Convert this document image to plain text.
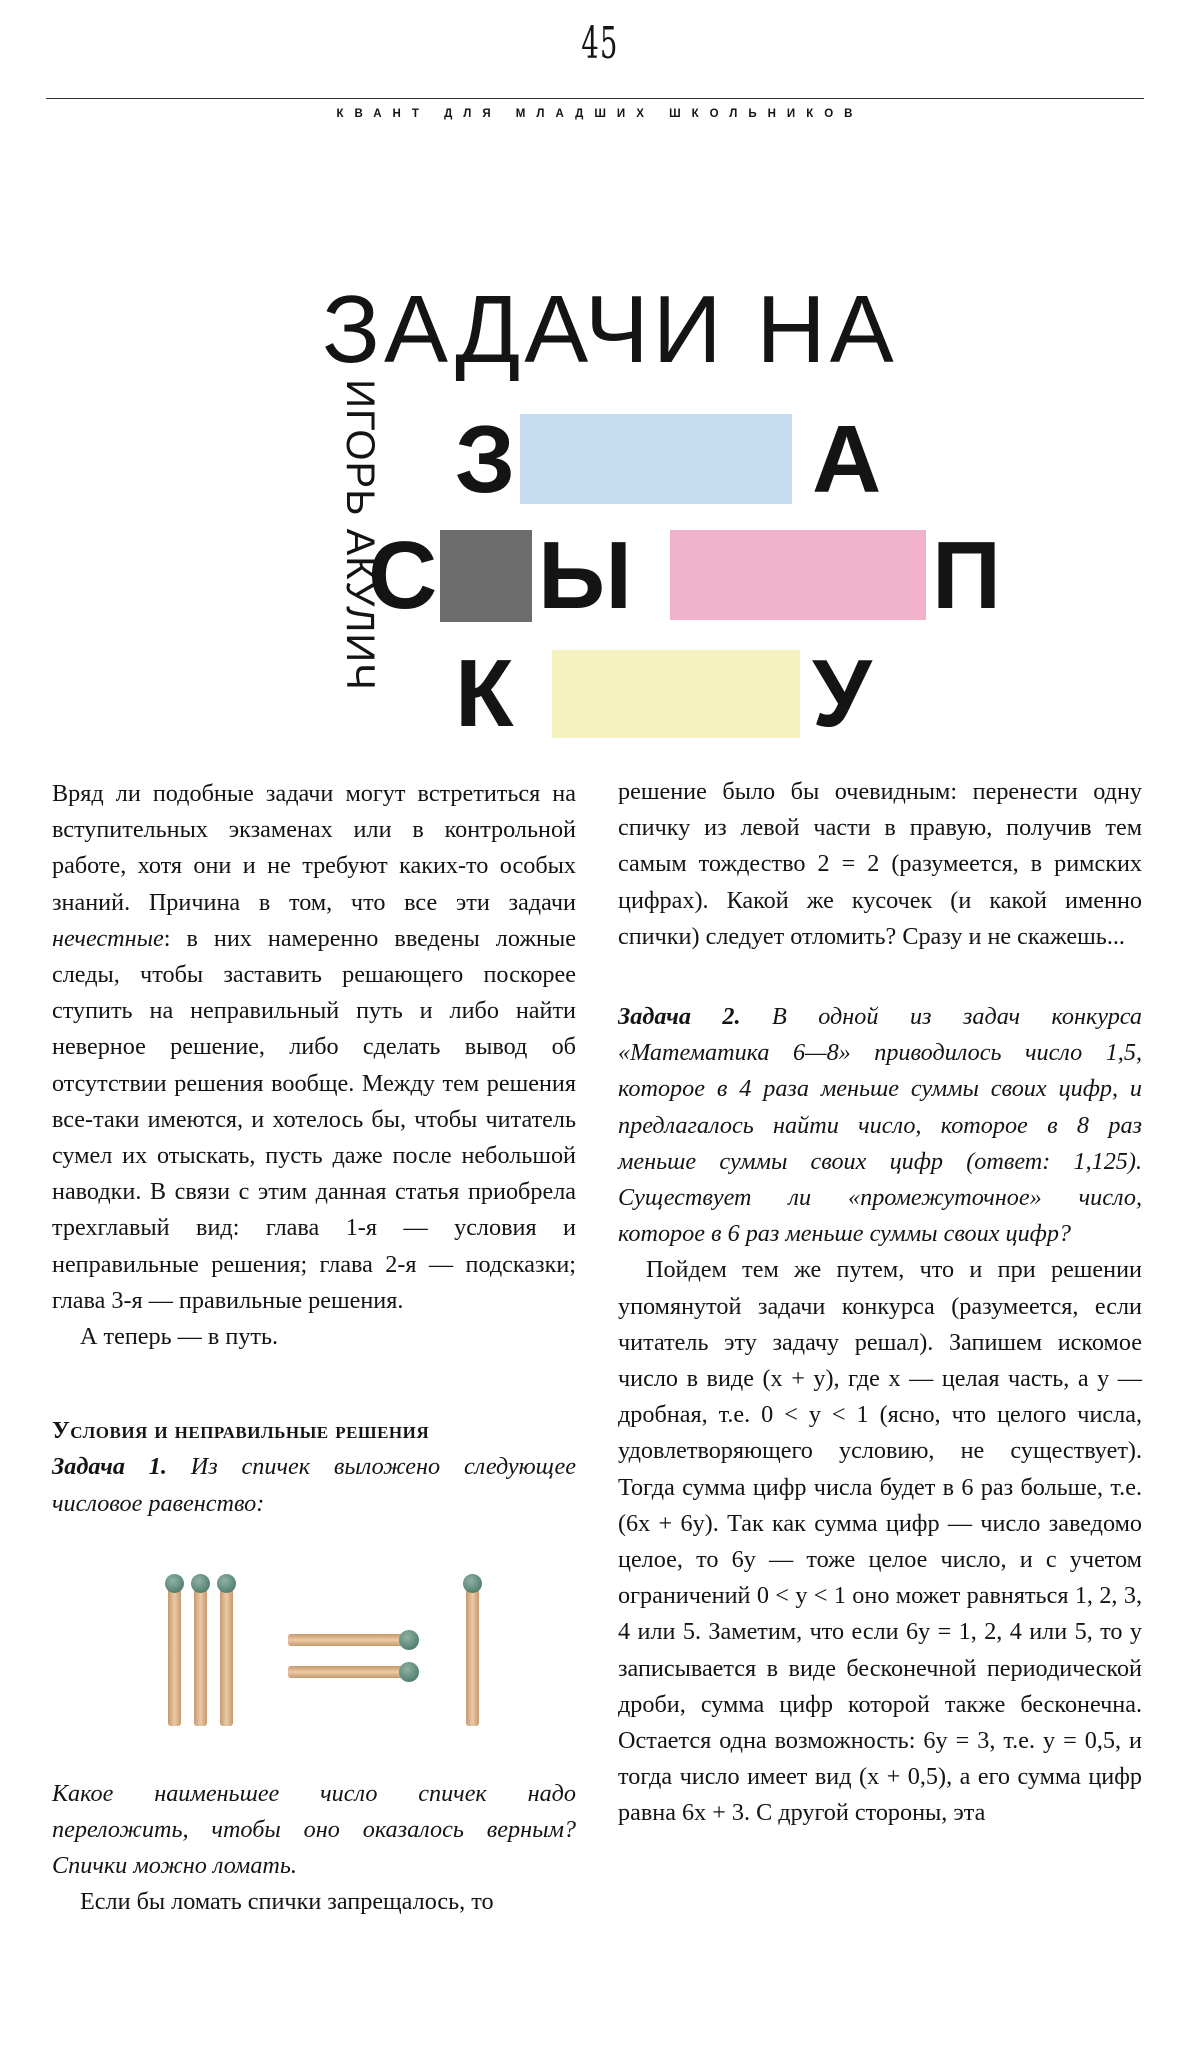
45
КВАНТ ДЛЯ МЛАДШИХ ШКОЛЬНИКОВ
ЗАДАЧИ НА
ИГОРЬ АКУЛИЧ З	А
С Ы	П
К	У

Вряд ли подобные задачи могут встретиться на вступительных экзаменах или в контрольной работе, хотя они и не требуют каких-то особых знаний. Причина в том, что все эти задачи нечестные: в них намеренно введены ложные следы, чтобы заставить решающего поскорее ступить на неправильный путь и либо найти неверное решение, либо сделать вывод об отсутствии решения вообще. Между тем решения все-таки имеются, и хотелось бы, чтобы читатель сумел их отыскать, пусть даже после небольшой наводки. В связи с этим данная статья приобрела трехглавый вид: глава 1-я — условия и неправильные решения; глава 2-я — подсказки; глава 3-я — правильные решения.

А теперь — в путь.

Условия и неправильные решения

Задача 1. Из спичек выложено следующее числовое равенство:

Какое наименьшее число спичек надо переложить, чтобы оно оказалось верным? Спички можно ломать.

Если бы ломать спички запрещалось, то

решение было бы очевидным: перенести одну спичку из левой части в правую, получив тем самым тождество 2 = 2 (разумеется, в римских цифрах). Какой же кусочек (и какой именно спички) следует отломить? Сразу и не скажешь...

Задача 2. В одной из задач конкурса «Математика 6—8» приводилось число 1,5, которое в 4 раза меньше суммы своих цифр, и предлагалось найти число, которое в 8 раз меньше суммы своих цифр (ответ: 1,125). Существует ли «промежуточное» число, которое в 6 раз меньше суммы своих цифр?

Пойдем тем же путем, что и при решении упомянутой задачи конкурса (разумеется, если читатель эту задачу решал). Запишем искомое число в виде (x + y), где x — целая часть, а y — дробная, т.е. 0 < y < 1 (ясно, что целого числа, удовлетворяющего условию, не существует). Тогда сумма цифр числа будет в 6 раз больше, т.е. (6x + 6y). Так как сумма цифр — число заведомо целое, то 6y — тоже целое число, и с учетом ограничений 0 < y < 1 оно может равняться 1, 2, 3, 4 или 5. Заметим, что если 6y = 1, 2, 4 или 5, то y записывается в виде бесконечной периодической дроби, сумма цифр которой также бесконечна. Остается одна возможность: 6y = 3, т.е. y = 0,5, и тогда число имеет вид (x + 0,5), а его сумма цифр равна 6x + 3. С другой стороны, эта
